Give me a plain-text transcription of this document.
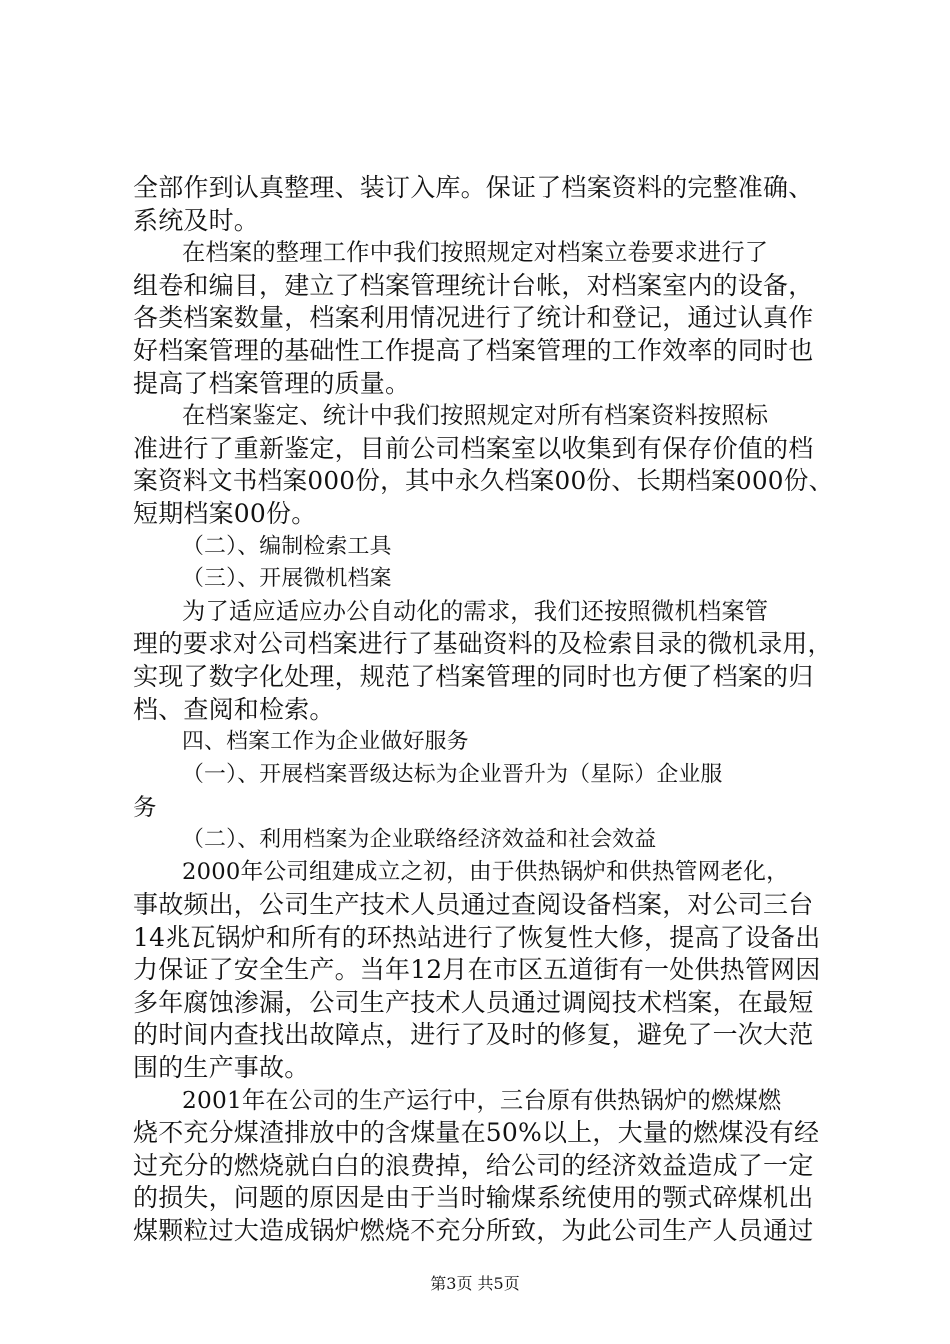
全部作到认真整理、装订入库。保证了档案资料的完整准确、
系统及时。
在档案的整理工作中我们按照规定对档案立卷要求进行了
组卷和编目，建立了档案管理统计台帐，对档案室内的设备，
各类档案数量，档案利用情况进行了统计和登记，通过认真作
好档案管理的基础性工作提高了档案管理的工作效率的同时也
提高了档案管理的质量。
在档案鉴定、统计中我们按照规定对所有档案资料按照标
准进行了重新鉴定，目前公司档案室以收集到有保存价值的档
案资料文书档案000份，其中永久档案00份、长期档案000份、
短期档案00份。
（二）、编制检索工具
（三）、开展微机档案
为了适应适应办公自动化的需求，我们还按照微机档案管
理的要求对公司档案进行了基础资料的及检索目录的微机录用，
实现了数字化处理，规范了档案管理的同时也方便了档案的归
档、查阅和检索。
四、档案工作为企业做好服务
（一）、开展档案晋级达标为企业晋升为（星际）企业服
务
（二）、利用档案为企业联络经济效益和社会效益
2000年公司组建成立之初，由于供热锅炉和供热管网老化，
事故频出，公司生产技术人员通过查阅设备档案，对公司三台
14兆瓦锅炉和所有的环热站进行了恢复性大修，提高了设备出
力保证了安全生产。当年12月在市区五道街有一处供热管网因
多年腐蚀渗漏，公司生产技术人员通过调阅技术档案，在最短
的时间内查找出故障点，进行了及时的修复，避免了一次大范
围的生产事故。
2001年在公司的生产运行中，三台原有供热锅炉的燃煤燃
烧不充分煤渣排放中的含煤量在50%以上，大量的燃煤没有经
过充分的燃烧就白白的浪费掉，给公司的经济效益造成了一定
的损失，问题的原因是由于当时输煤系统使用的颚式碎煤机出
煤颗粒过大造成锅炉燃烧不充分所致，为此公司生产人员通过
第3页 共5页
